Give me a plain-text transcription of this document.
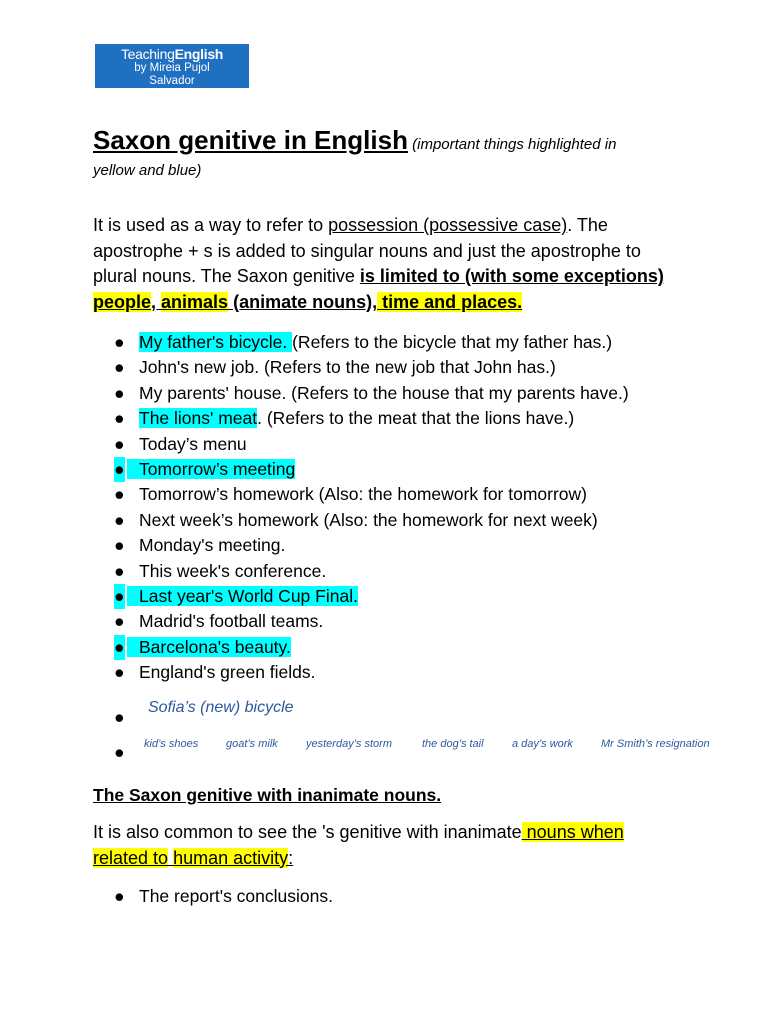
TeachingEnglish
by Mireia Pujol
Salvador
Saxon genitive in English (important things highlighted in
yellow and blue)
It is used as a way to refer to possession (possessive case). The apostrophe + s is added to singular nouns and just the apostrophe to plural nouns. The Saxon genitive is limited to (with some exceptions) people, animals (animate nouns), time and places.
● My father's bicycle. (Refers to the bicycle that my father has.)
● John's new job. (Refers to the new job that John has.)
● My parents' house. (Refers to the house that my parents have.)
● The lions' meat. (Refers to the meat that the lions have.)
● Today’s menu
● Tomorrow’s meeting
● Tomorrow’s homework (Also: the homework for tomorrow)
● Next week’s homework (Also: the homework for next week)
● Monday's meeting.
● This week's conference.
● Last year's World Cup Final.
● Madrid's football teams.
● Barcelona's beauty.
● England's green fields.
●
●
Sofia’s (new) bicycle
kid’s shoes	goat’s milk	yesterday’s storm	the dog’s tail	a day’s work	Mr Smith’s resignation
The Saxon genitive with inanimate nouns.
It is also common to see the 's genitive with inanimate nouns when related to human activity:
● The report's conclusions.
